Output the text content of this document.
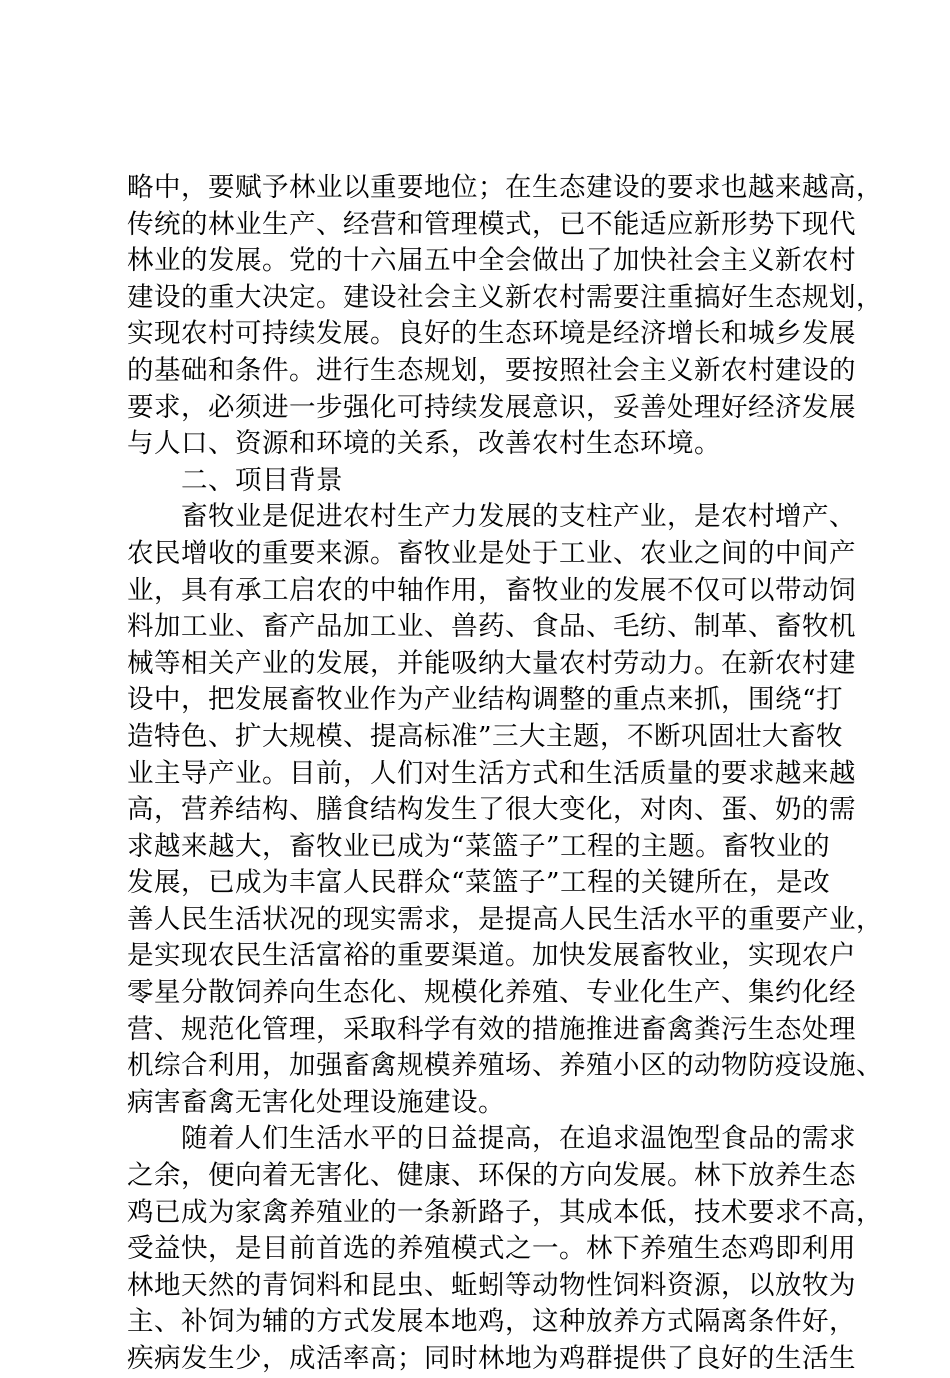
略中，要赋予林业以重要地位；在生态建设的要求也越来越高，
传统的林业生产、经营和管理模式，已不能适应新形势下现代
林业的发展。党的十六届五中全会做出了加快社会主义新农村
建设的重大决定。建设社会主义新农村需要注重搞好生态规划，
实现农村可持续发展。良好的生态环境是经济增长和城乡发展
的基础和条件。进行生态规划，要按照社会主义新农村建设的
要求，必须进一步强化可持续发展意识，妥善处理好经济发展
与人口、资源和环境的关系，改善农村生态环境。
二、项目背景
畜牧业是促进农村生产力发展的支柱产业，是农村增产、
农民增收的重要来源。畜牧业是处于工业、农业之间的中间产
业，具有承工启农的中轴作用，畜牧业的发展不仅可以带动饲
料加工业、畜产品加工业、兽药、食品、毛纺、制革、畜牧机
械等相关产业的发展，并能吸纳大量农村劳动力。在新农村建
设中，把发展畜牧业作为产业结构调整的重点来抓，围绕“打
造特色、扩大规模、提高标准”三大主题，不断巩固壮大畜牧
业主导产业。目前，人们对生活方式和生活质量的要求越来越
高，营养结构、膳食结构发生了很大变化，对肉、蛋、奶的需
求越来越大，畜牧业已成为“菜篮子”工程的主题。畜牧业的
发展，已成为丰富人民群众“菜篮子”工程的关键所在，是改
善人民生活状况的现实需求，是提高人民生活水平的重要产业，
是实现农民生活富裕的重要渠道。加快发展畜牧业，实现农户
零星分散饲养向生态化、规模化养殖、专业化生产、集约化经
营、规范化管理，采取科学有效的措施推进畜禽粪污生态处理
机综合利用，加强畜禽规模养殖场、养殖小区的动物防疫设施、
病害畜禽无害化处理设施建设。
随着人们生活水平的日益提高，在追求温饱型食品的需求
之余，便向着无害化、健康、环保的方向发展。林下放养生态
鸡已成为家禽养殖业的一条新路子，其成本低，技术要求不高，
受益快，是目前首选的养殖模式之一。林下养殖生态鸡即利用
林地天然的青饲料和昆虫、蚯蚓等动物性饲料资源，以放牧为
主、补饲为辅的方式发展本地鸡，这种放养方式隔离条件好，
疾病发生少，成活率高；同时林地为鸡群提供了良好的生活生
